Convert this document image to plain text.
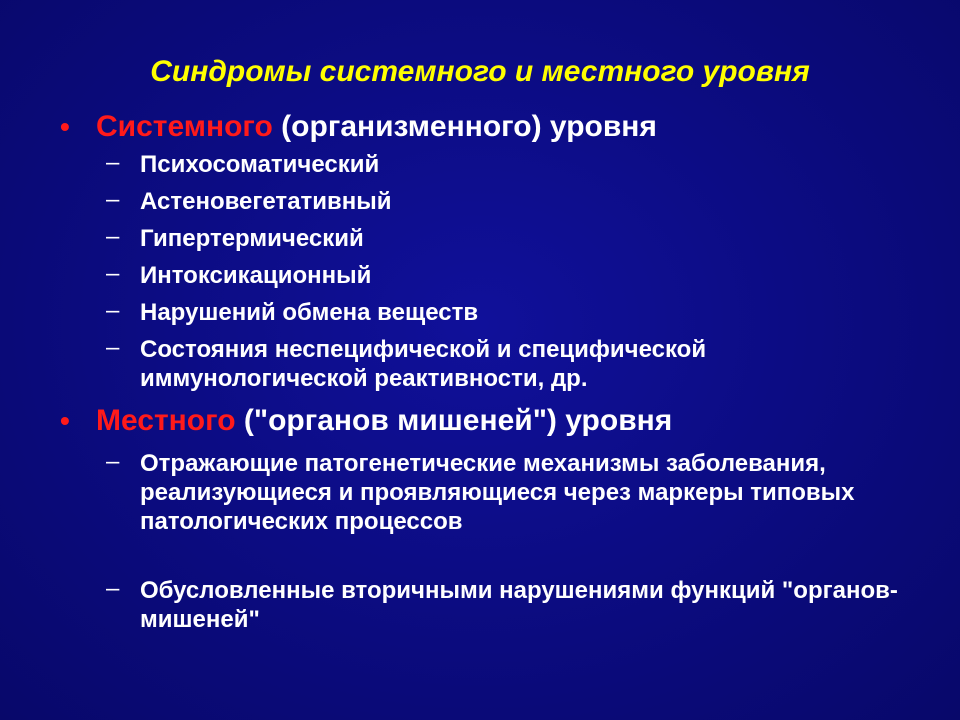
Синдромы системного и местного уровня
• Системного (организменного) уровня
– Психосоматический
– Астеновегетативный
– Гипертермический
– Интоксикационный
– Нарушений обмена веществ
– Состояния неспецифической и специфической иммунологической реактивности, др.
• Местного ("органов мишеней") уровня
– Отражающие патогенетические механизмы заболевания, реализующиеся и проявляющиеся через маркеры типовых патологических процессов
– Обусловленные вторичными нарушениями функций "органов-мишеней"
